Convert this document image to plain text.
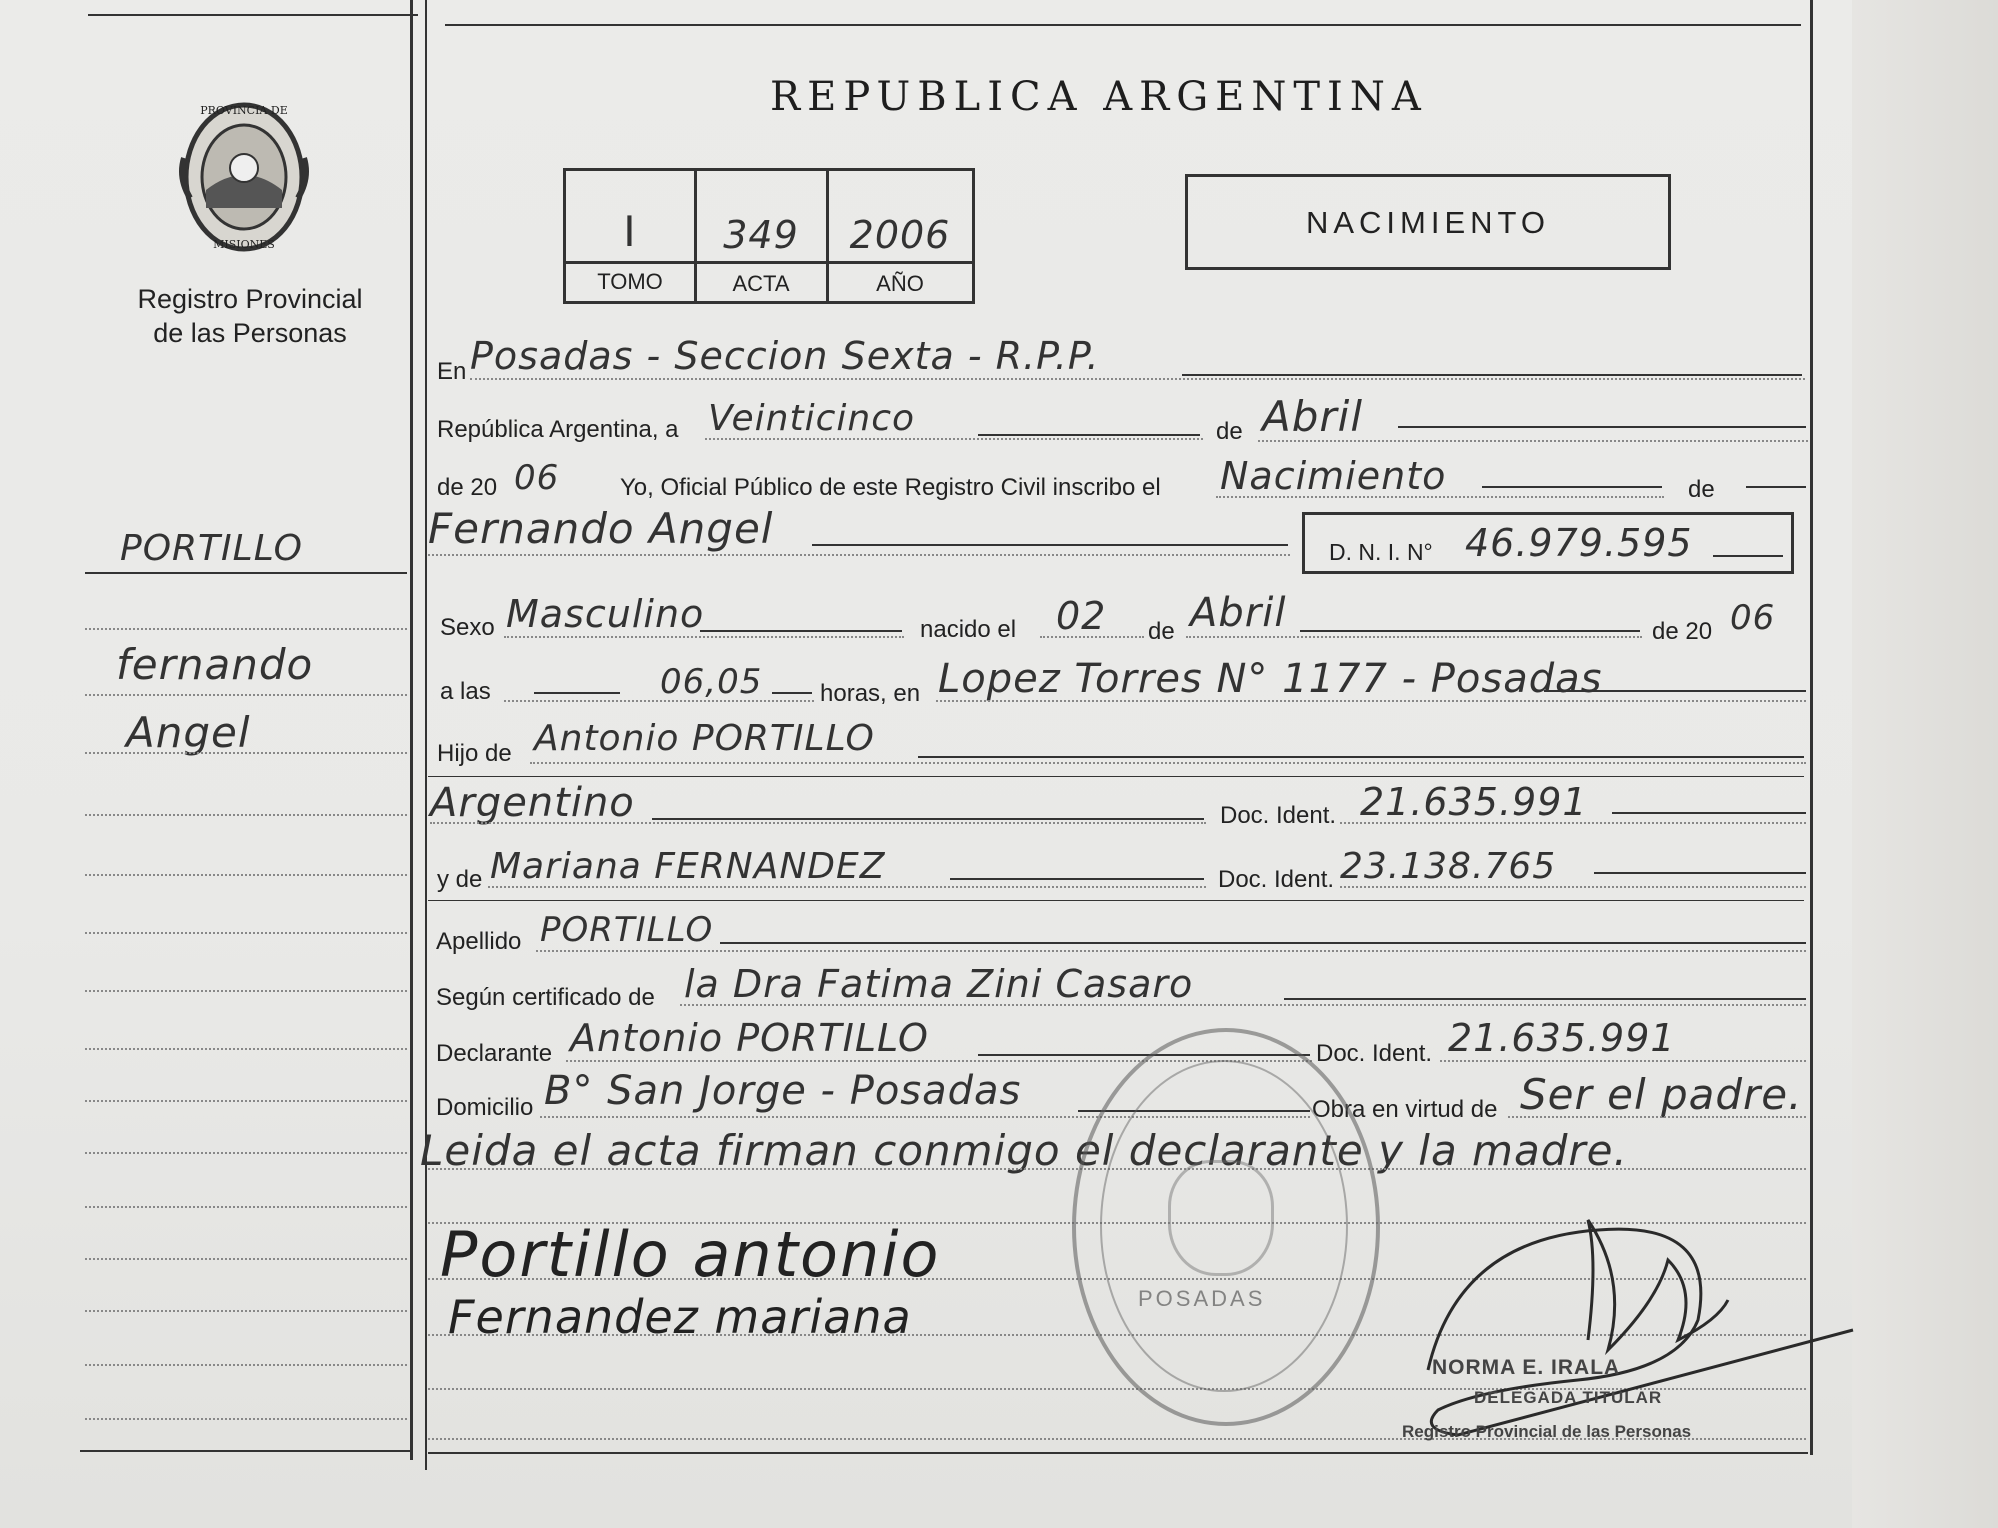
PROVINCIA DE
MISIONES
Registro Provincial
de las Personas
PORTILLO
fernando
Angel
REPUBLICA ARGENTINA
I	349	2006
TOMO	ACTA	AÑO
NACIMIENTO
En Posadas - Seccion Sexta - R.P.P.
República Argentina, a Veinticinco	de Abril
de 20 06	Yo, Oficial Público de este Registro Civil inscribo el Nacimiento	de
Fernando Angel	D. N. I. N° 46.979.595
Sexo Masculino	nacido el 02 de Abril	de 20 06
a las	06,05 horas, en Lopez Torres N° 1177 - Posadas
Hijo de Antonio PORTILLO
Argentino	Doc. Ident. 21.635.991
y de Mariana FERNANDEZ	Doc. Ident. 23.138.765
Apellido PORTILLO
Según certificado de la Dra Fatima Zini Casaro
Declarante Antonio PORTILLO	Doc. Ident. 21.635.991
Domicilio B° San Jorge - Posadas	Obra en virtud de Ser el padre.
Leida el acta firman conmigo el declarante y la madre.
Portillo antonio
Fernandez mariana	POSADAS
NORMA E. IRALA
DELEGADA TITULAR
Registro Provincial de las Personas
